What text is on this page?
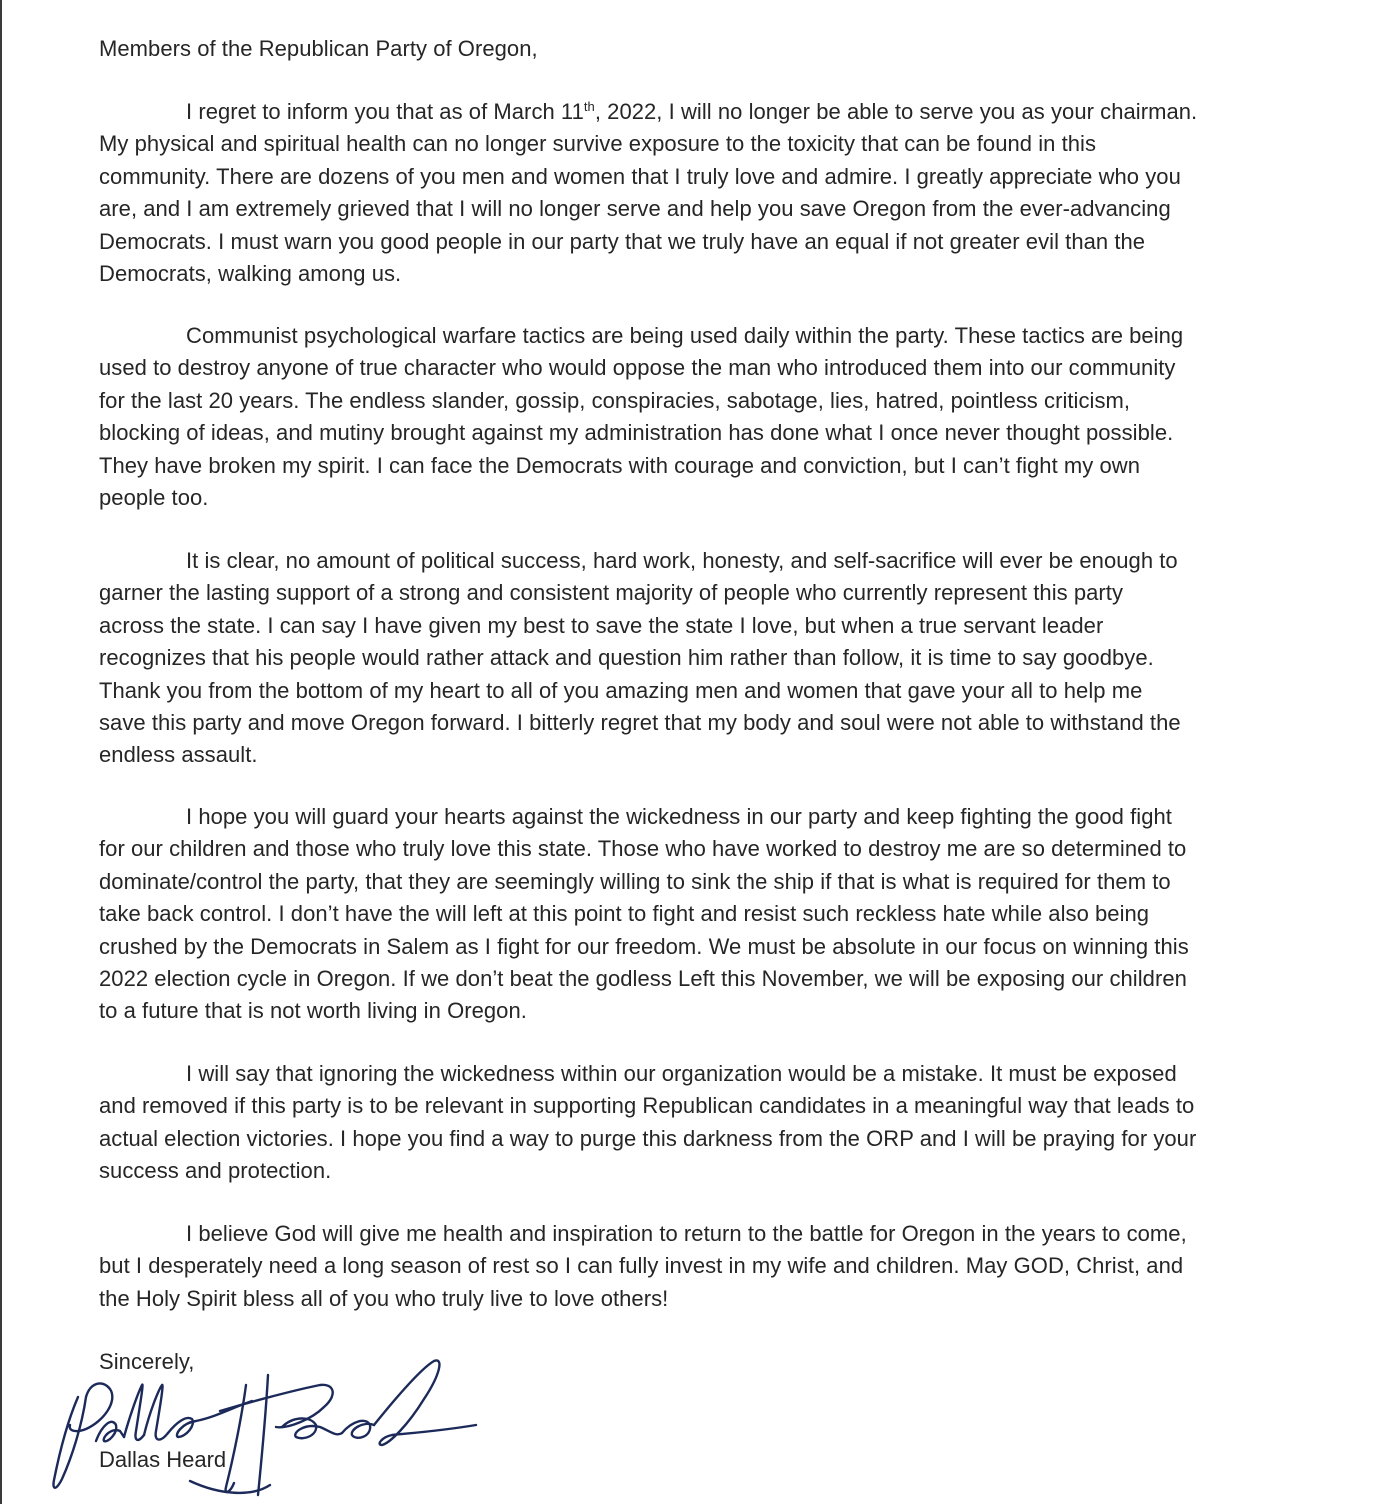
Members of the Republican Party of Oregon,
I regret to inform you that as of March 11th, 2022, I will no longer be able to serve you as your chairman.
My physical and spiritual health can no longer survive exposure to the toxicity that can be found in this
community. There are dozens of you men and women that I truly love and admire. I greatly appreciate who you
are, and I am extremely grieved that I will no longer serve and help you save Oregon from the ever-advancing
Democrats. I must warn you good people in our party that we truly have an equal if not greater evil than the
Democrats, walking among us.
Communist psychological warfare tactics are being used daily within the party. These tactics are being
used to destroy anyone of true character who would oppose the man who introduced them into our community
for the last 20 years. The endless slander, gossip, conspiracies, sabotage, lies, hatred, pointless criticism,
blocking of ideas, and mutiny brought against my administration has done what I once never thought possible.
They have broken my spirit. I can face the Democrats with courage and conviction, but I can’t fight my own
people too.
It is clear, no amount of political success, hard work, honesty, and self-sacrifice will ever be enough to
garner the lasting support of a strong and consistent majority of people who currently represent this party
across the state. I can say I have given my best to save the state I love, but when a true servant leader
recognizes that his people would rather attack and question him rather than follow, it is time to say goodbye.
Thank you from the bottom of my heart to all of you amazing men and women that gave your all to help me
save this party and move Oregon forward. I bitterly regret that my body and soul were not able to withstand the
endless assault.
I hope you will guard your hearts against the wickedness in our party and keep fighting the good fight
for our children and those who truly love this state. Those who have worked to destroy me are so determined to
dominate/control the party, that they are seemingly willing to sink the ship if that is what is required for them to
take back control. I don’t have the will left at this point to fight and resist such reckless hate while also being
crushed by the Democrats in Salem as I fight for our freedom. We must be absolute in our focus on winning this
2022 election cycle in Oregon. If we don’t beat the godless Left this November, we will be exposing our children
to a future that is not worth living in Oregon.
I will say that ignoring the wickedness within our organization would be a mistake. It must be exposed
and removed if this party is to be relevant in supporting Republican candidates in a meaningful way that leads to
actual election victories. I hope you find a way to purge this darkness from the ORP and I will be praying for your
success and protection.
I believe God will give me health and inspiration to return to the battle for Oregon in the years to come,
but I desperately need a long season of rest so I can fully invest in my wife and children. May GOD, Christ, and
the Holy Spirit bless all of you who truly live to love others!
Sincerely,
Dallas Heard
